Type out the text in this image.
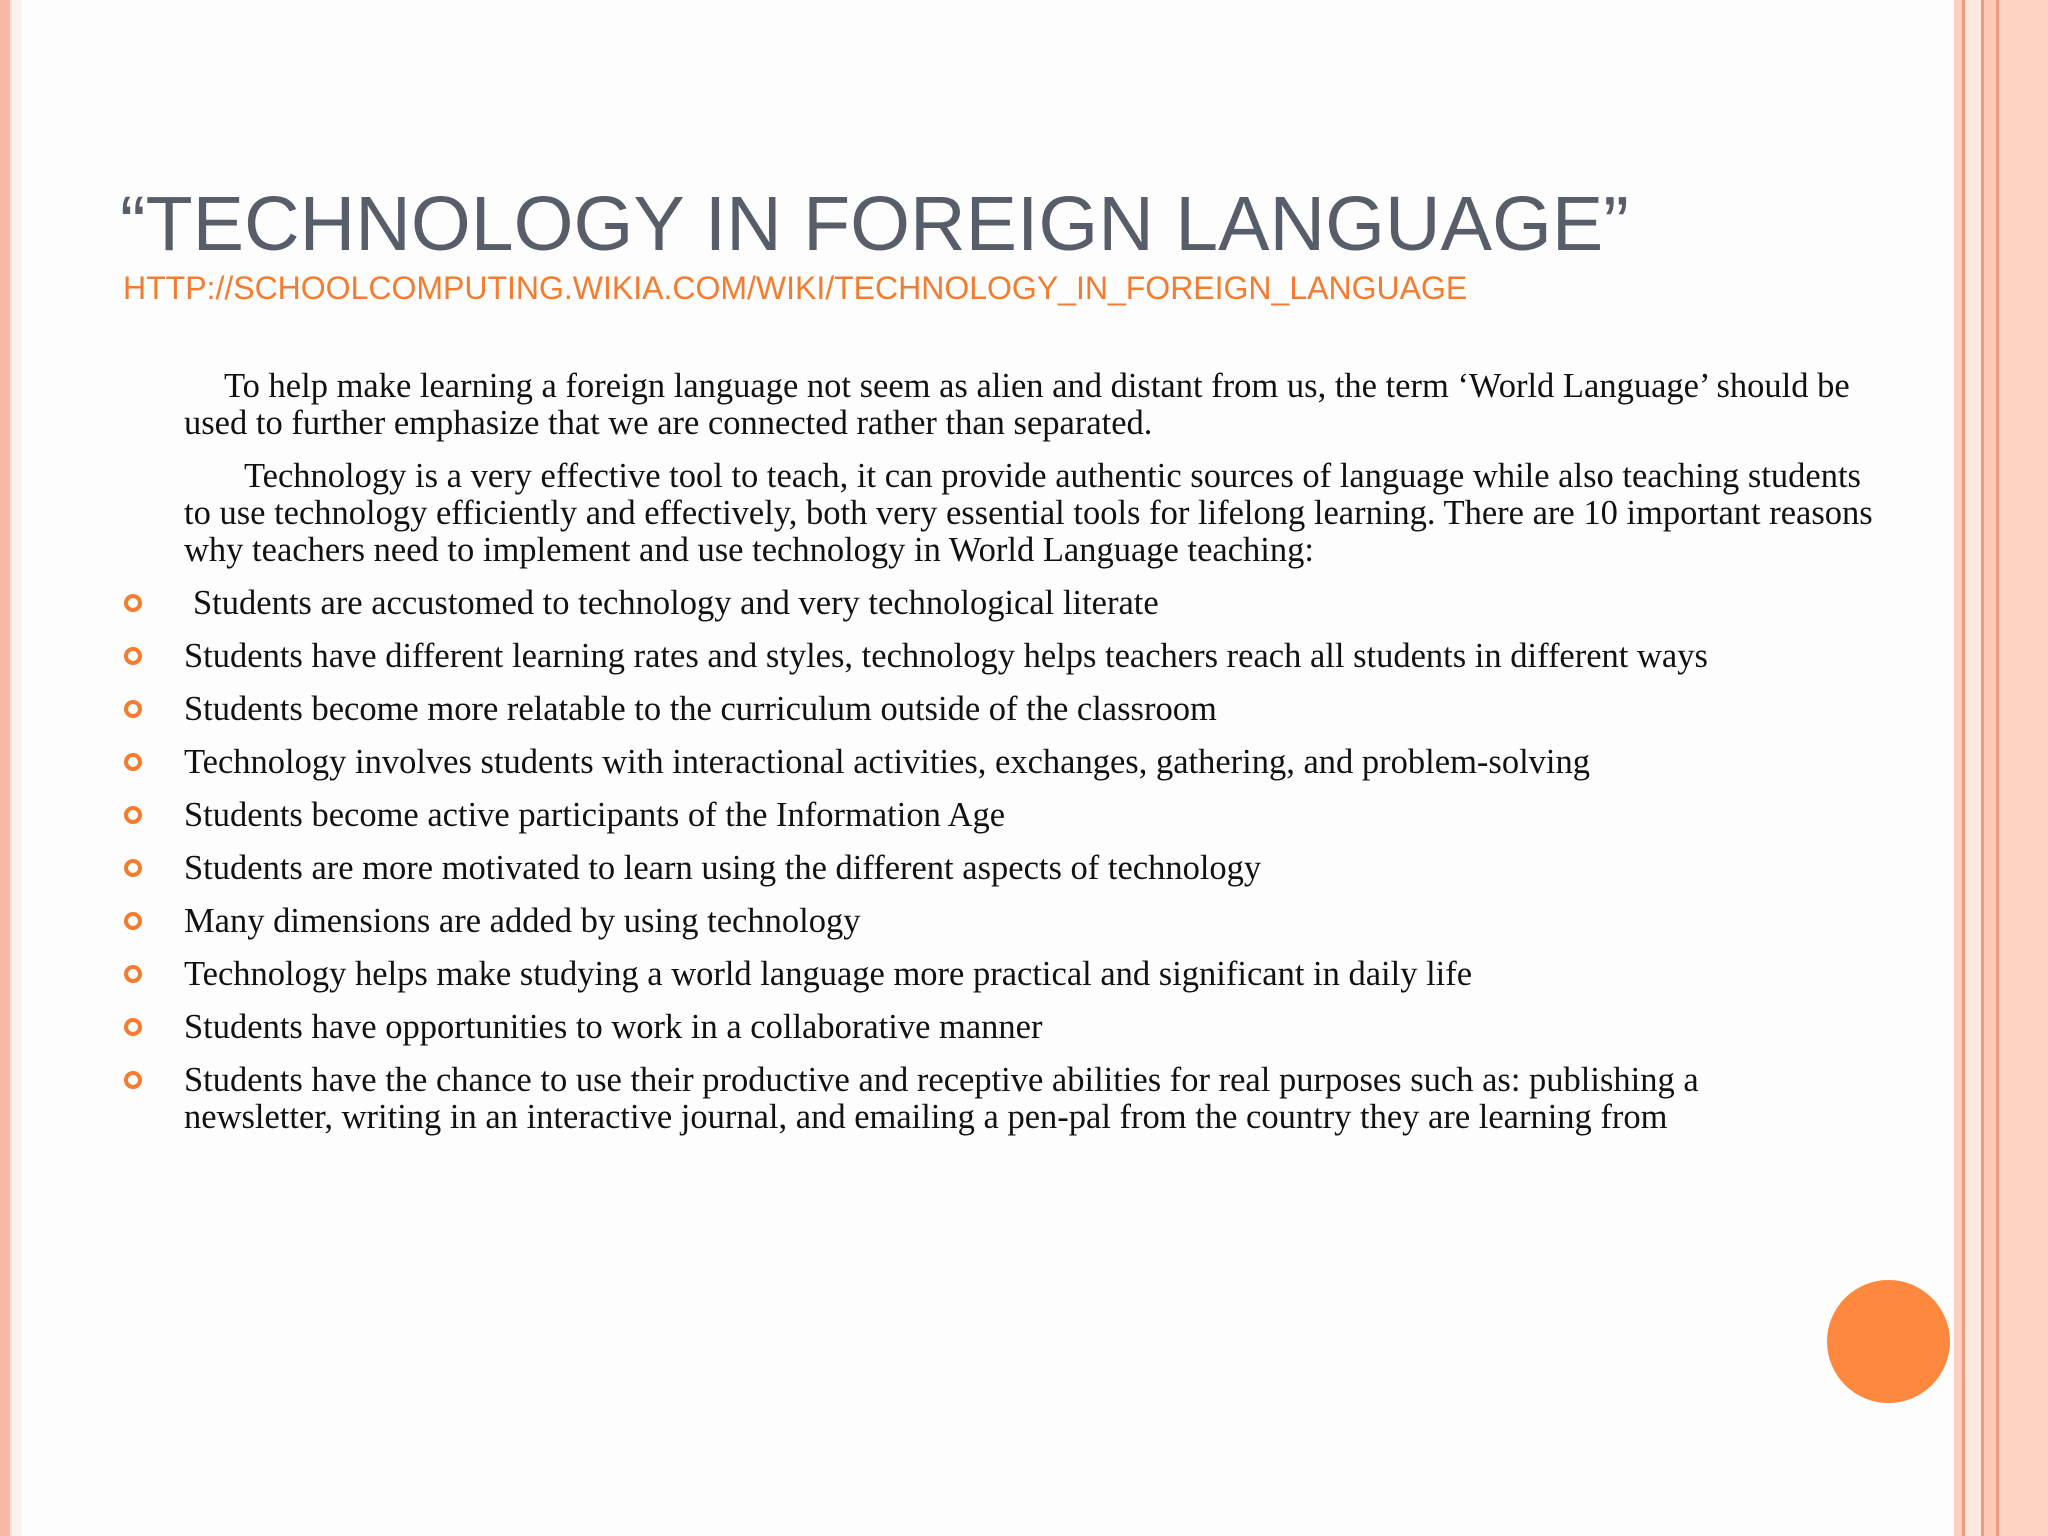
“TECHNOLOGY IN FOREIGN LANGUAGE”
HTTP://SCHOOLCOMPUTING.WIKIA.COM/WIKI/TECHNOLOGY_IN_FOREIGN_LANGUAGE

To help make learning a foreign language not seem as alien and distant from us, the term ‘World Language’ should be used to further emphasize that we are connected rather than separated.

Technology is a very effective tool to teach, it can provide authentic sources of language while also teaching students to use technology efficiently and effectively, both very essential tools for lifelong learning. There are 10 important reasons why teachers need to implement and use technology in World Language teaching:

Students are accustomed to technology and very technological literate
Students have different learning rates and styles, technology helps teachers reach all students in different ways
Students become more relatable to the curriculum outside of the classroom
Technology involves students with interactional activities, exchanges, gathering, and problem-solving
Students become active participants of the Information Age
Students are more motivated to learn using the different aspects of technology
Many dimensions are added by using technology
Technology helps make studying a world language more practical and significant in daily life
Students have opportunities to work in a collaborative manner
Students have the chance to use their productive and receptive abilities for real purposes such as: publishing a newsletter, writing in an interactive journal, and emailing a pen-pal from the country they are learning from
